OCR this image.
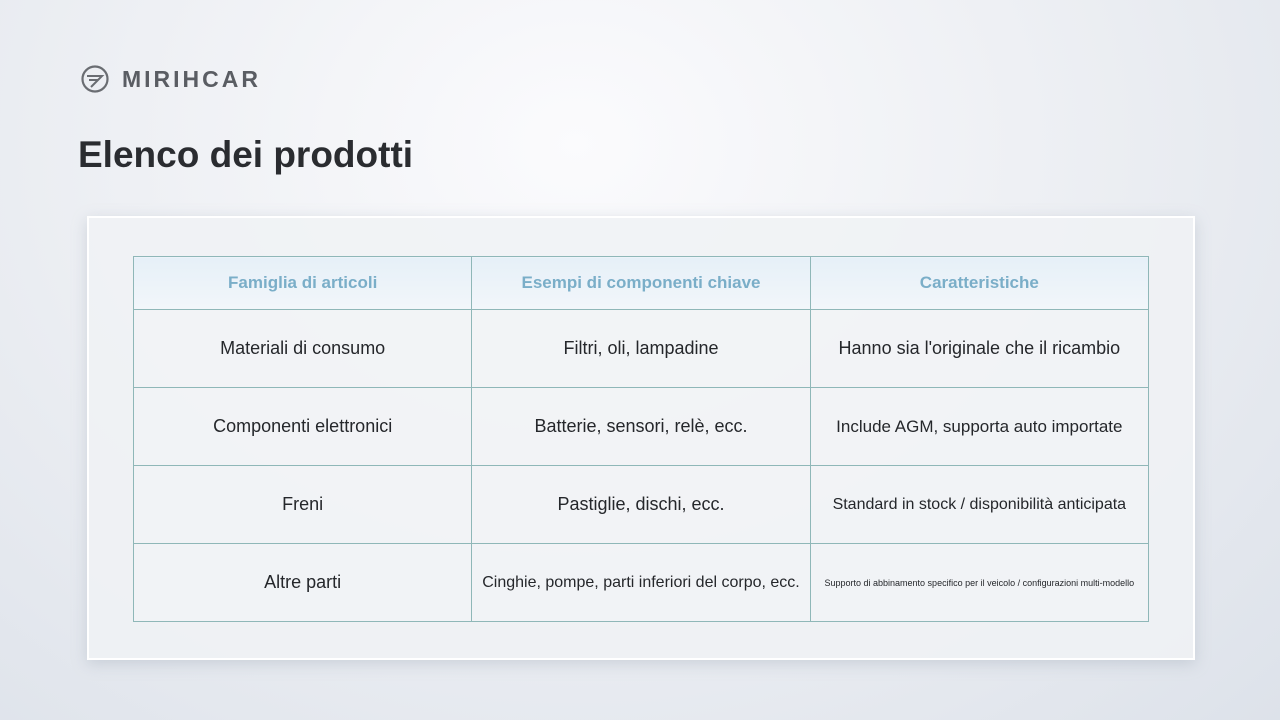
MIRIHCAR
Elenco dei prodotti
Famiglia di articoli	Esempi di componenti chiave	Caratteristiche
Materiali di consumo	Filtri, oli, lampadine	Hanno sia l'originale che il ricambio
Componenti elettronici	Batterie, sensori, relè, ecc.	Include AGM, supporta auto importate
Freni	Pastiglie, dischi, ecc.	Standard in stock / disponibilità anticipata
Altre parti	Cinghie, pompe, parti inferiori del corpo, ecc.	Supporto di abbinamento specifico per il veicolo / configurazioni multi-modello
